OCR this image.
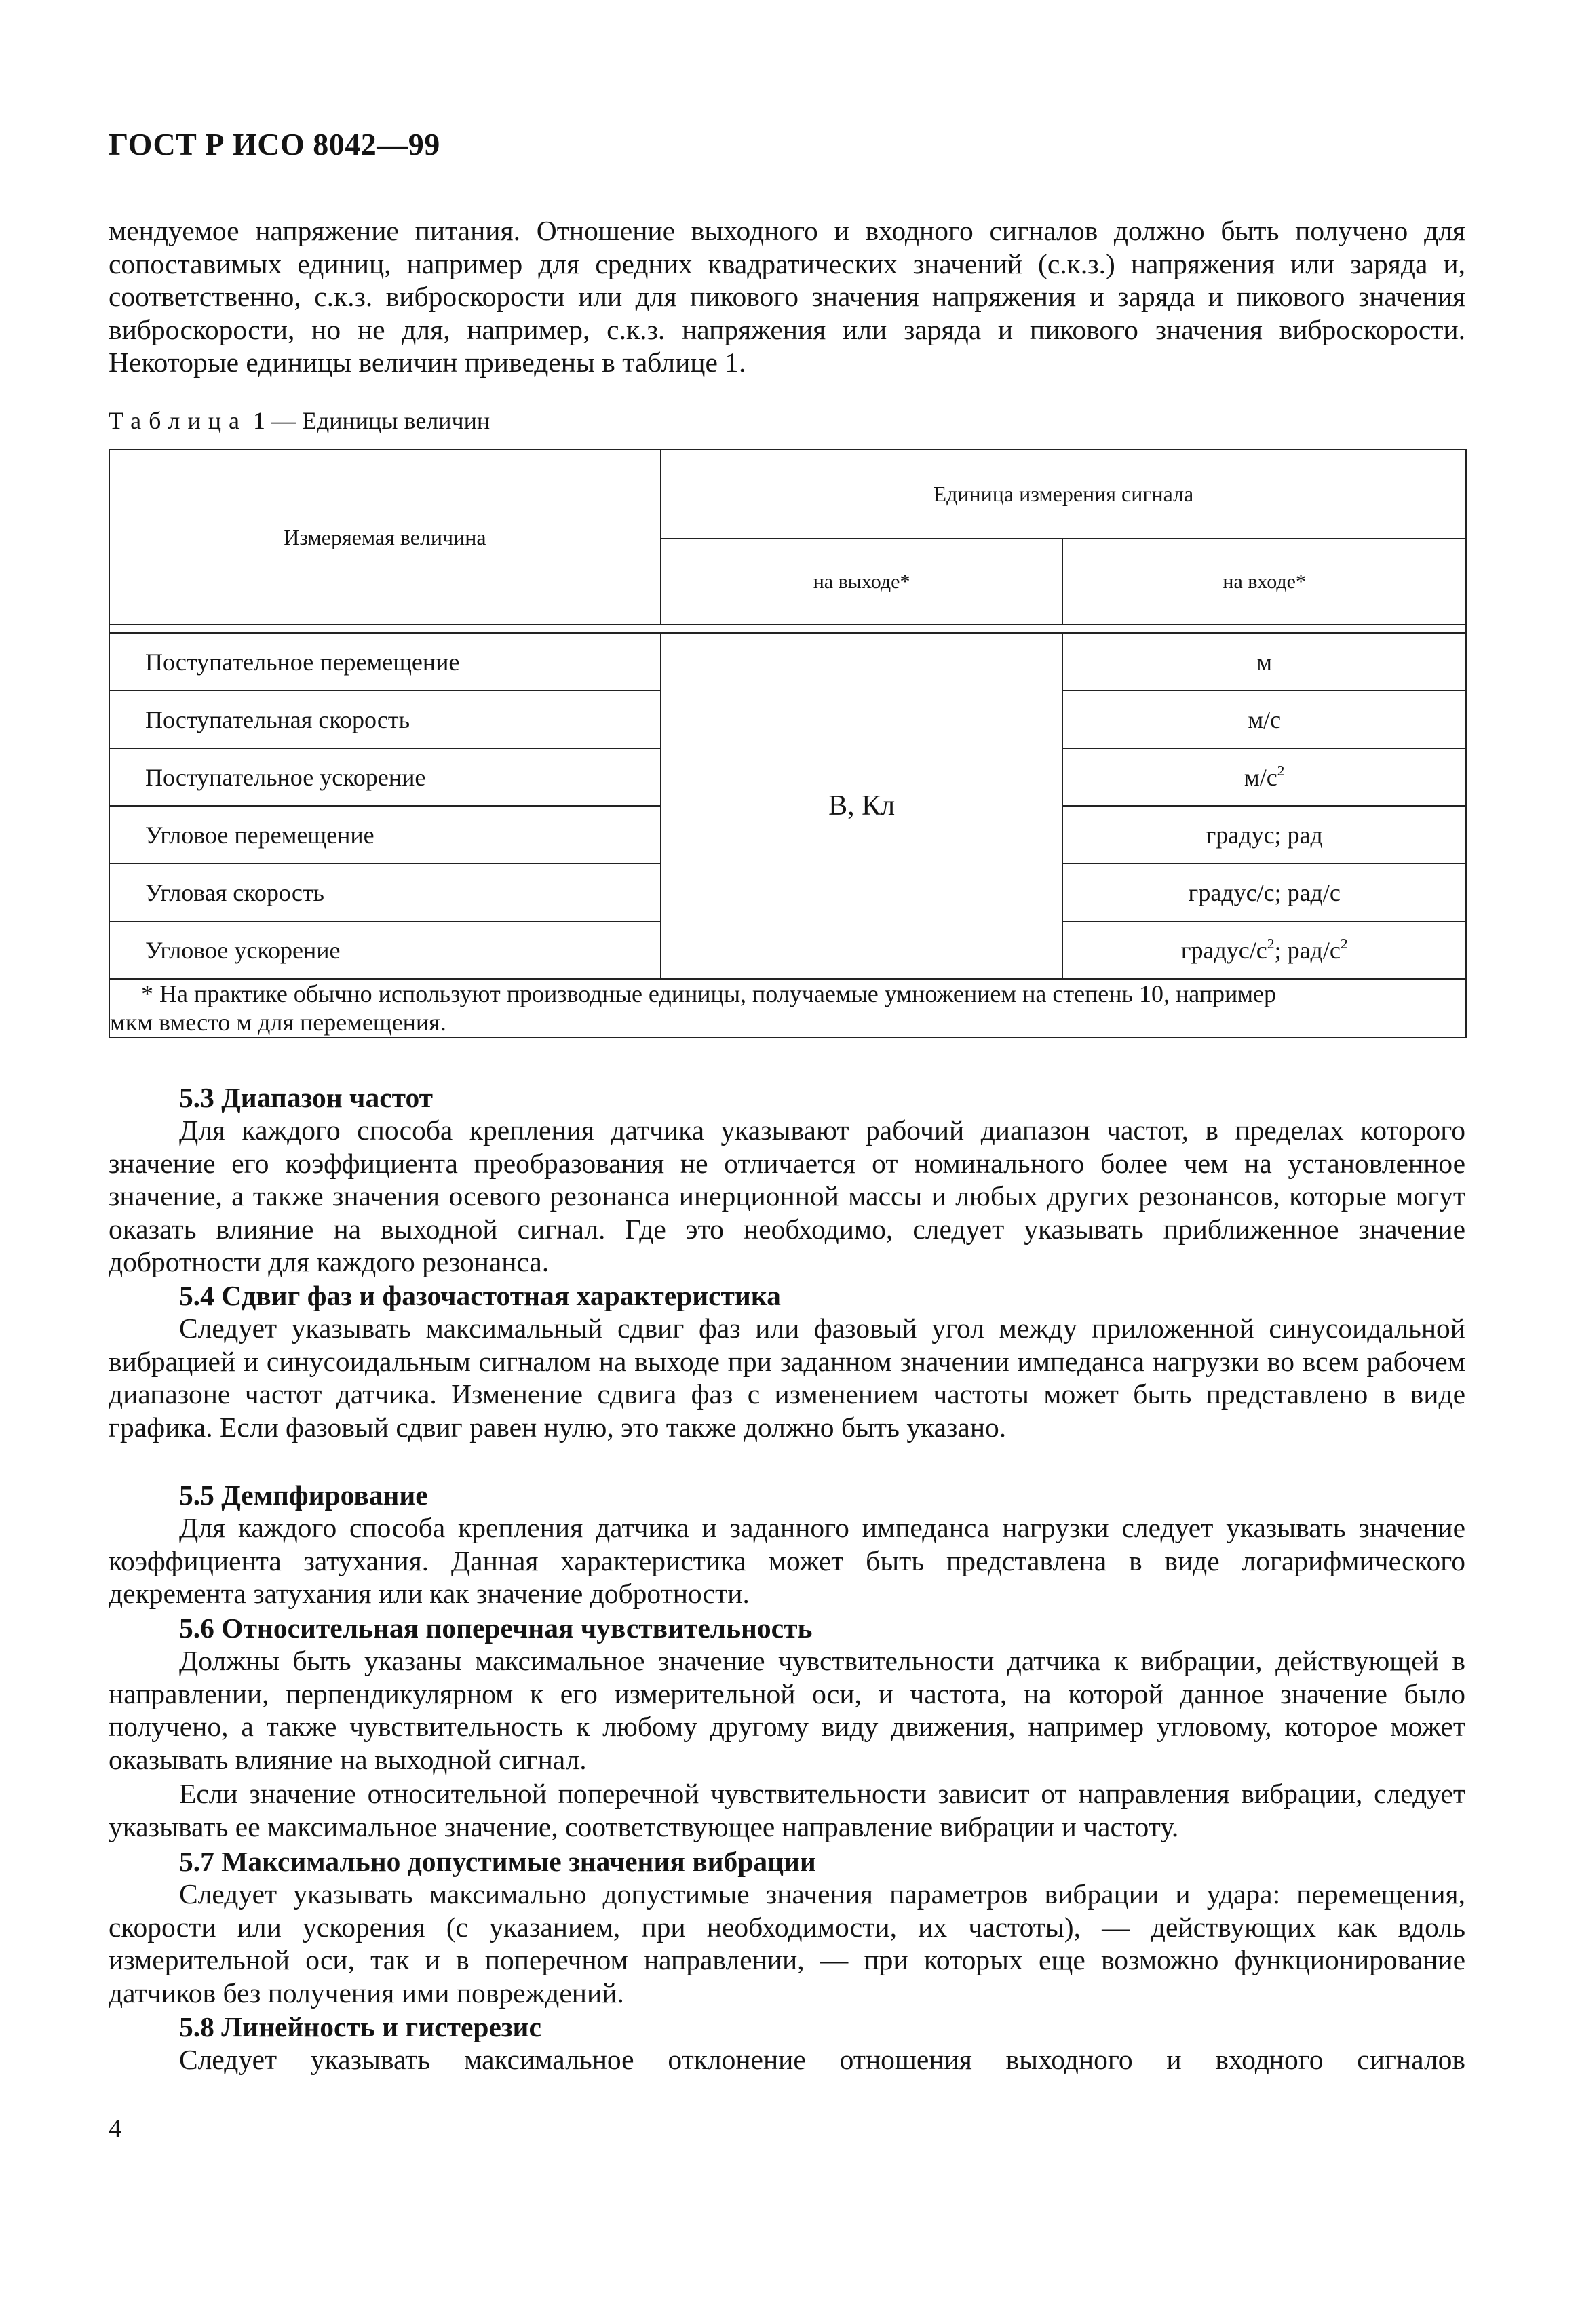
ГОСТ Р ИСО 8042—99
мендуемое напряжение питания. Отношение выходного и входного сигналов должно быть получено для сопоставимых единиц, например для средних квадратических значений (с.к.з.) напряжения или заряда и, соответственно, с.к.з. виброскорости или для пикового значения напряжения и заряда и пикового значения виброскорости, но не для, например, с.к.з. напряжения или заряда и пикового значения виброскорости. Некоторые единицы величин приведены в таблице 1.
Таблица 1 — Единицы величин
Измеряемая величина	Единица измерения сигнала	
	на выходе*	на входе*

Поступательное перемещение	В, Кл	м
Поступательная скорость		м/с
Поступательное ускорение		$м/с^2$
Угловое перемещение		градус; рад
Угловая скорость		градус/с; рад/с
Угловое ускорение		градус/$с^2$; рад/$с^2$

* На практике обычно используют производные единицы, получаемые умножением на степень 10, например
мкм вместо м для перемещения.		
5.3 Диапазон частот
Для каждого способа крепления датчика указывают рабочий диапазон частот, в пределах которого значение его коэффициента преобразования не отличается от номинального более чем на установленное значение, а также значения осевого резонанса инерционной массы и любых других резонансов, которые могут оказать влияние на выходной сигнал. Где это необходимо, следует указывать приближенное значение добротности для каждого резонанса.
5.4 Сдвиг фаз и фазочастотная характеристика
Следует указывать максимальный сдвиг фаз или фазовый угол между приложенной синусоидальной вибрацией и синусоидальным сигналом на выходе при заданном значении импеданса нагрузки во всем рабочем диапазоне частот датчика. Изменение сдвига фаз с изменением частоты может быть представлено в виде графика. Если фазовый сдвиг равен нулю, это также должно быть указано.
5.5 Демпфирование
Для каждого способа крепления датчика и заданного импеданса нагрузки следует указывать значение коэффициента затухания. Данная характеристика может быть представлена в виде логарифмического декремента затухания или как значение добротности.
5.6 Относительная поперечная чувствительность
Должны быть указаны максимальное значение чувствительности датчика к вибрации, действующей в направлении, перпендикулярном к его измерительной оси, и частота, на которой данное значение было получено, а также чувствительность к любому другому виду движения, например угловому, которое может оказывать влияние на выходной сигнал.
Если значение относительной поперечной чувствительности зависит от направления вибрации, следует указывать ее максимальное значение, соответствующее направление вибрации и частоту.
5.7 Максимально допустимые значения вибрации
Следует указывать максимально допустимые значения параметров вибрации и удара: перемещения, скорости или ускорения (с указанием, при необходимости, их частоты), — действующих как вдоль измерительной оси, так и в поперечном направлении, — при которых еще возможно функционирование датчиков без получения ими повреждений.
5.8 Линейность и гистерезис
Следует указывать максимальное отклонение отношения выходного и входного сигналов
4
